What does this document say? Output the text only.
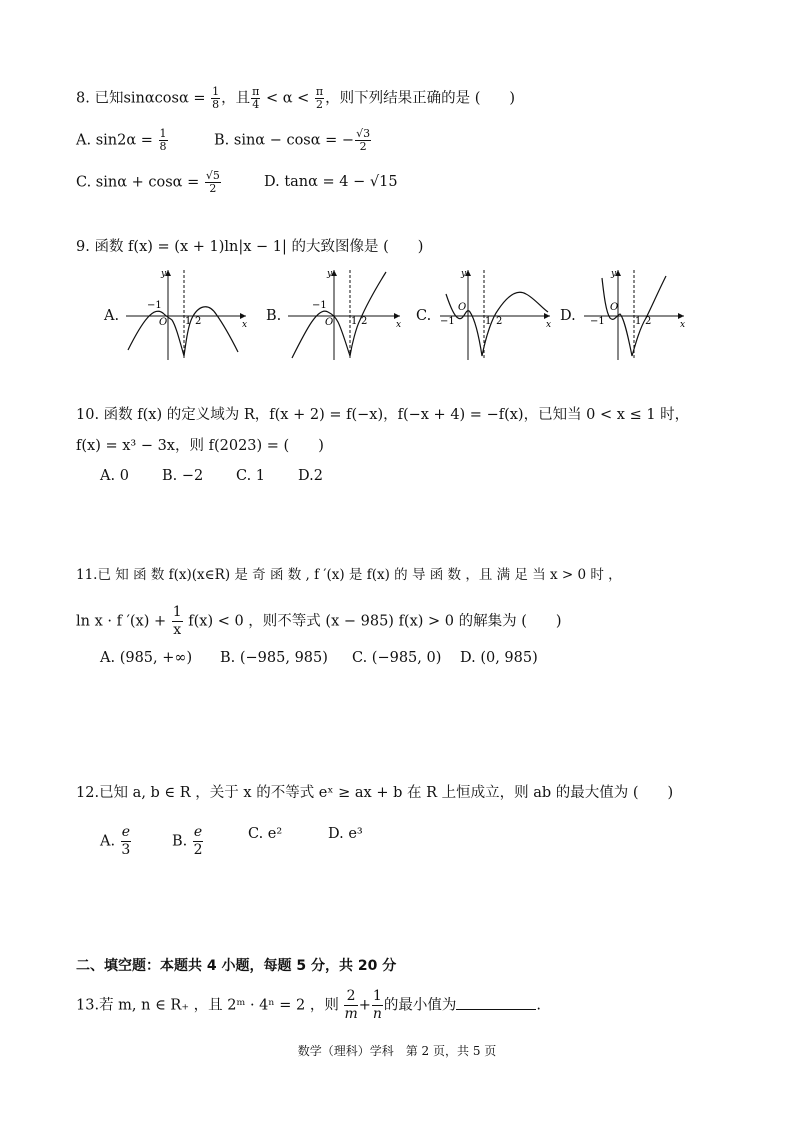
8. 已知$\sin\alpha\cos\alpha = \frac{1}{8}$ ，且 $\frac{\pi}{4} < \alpha < \frac{\pi}{2}$ ，则下列结果正确的是 (　　)
A. $\sin 2\alpha = \frac{1}{8}$	B. sinα − cosα = − $\frac{√3}{2}$
C. $\sin\alpha + \cos\alpha = \frac{√5}{2}$	D. tanα = 4 − √15
9. 函数 f(x) = (x + 1)ln|x − 1| 的大致图像是 (　　)
A.	B.	C.	D.
y
x
O
−1
1 2
y
x
O
−1
1 2
y
x
O
−1	1 2
y
x
O
−1	1 2
10. 函数 f(x) 的定义域为 R，f(x + 2) = f(−x)，f(−x + 4) = −f(x)，已知当 0 < x ≤ 1 时，
f(x) = x³ − 3x，则 f(2023) = (　　)
A. 0 B. −2 C. 1 D.2
11.已 知 函 数 f(x)(x∈R) 是 奇 函 数 , f ′(x) 是 f(x) 的 导 函 数 ，且 满 足 当 x > 0 时 ，
ln x · f $'(x) + \frac{1}{x} f(x) < 0$ ，则不等式 (x − 985) f(x) > 0 的解集为 (　　)
A. (985, +∞) B. (−985, 985) C. (−985, 0) D. (0, 985)
12.已知 a, b ∈ R ，关于 x 的不等式 eˣ ≥ ax + b 在 R 上恒成立，则 ab 的最大值为 (　　)
A. $\frac{e}{3}$	B. $\frac{e}{2}$	C. e²	D. e³
二、填空题：本题共 4 小题，每题 5 分，共 20 分
13.若 m, n ∈ R₊ ，且 2ᵐ · 4ⁿ = 2 ，则 $\frac{2}{m} + \frac{1}{n}$ 的最小值为	.
数学（理科）学科　第 2 页，共 5 页
